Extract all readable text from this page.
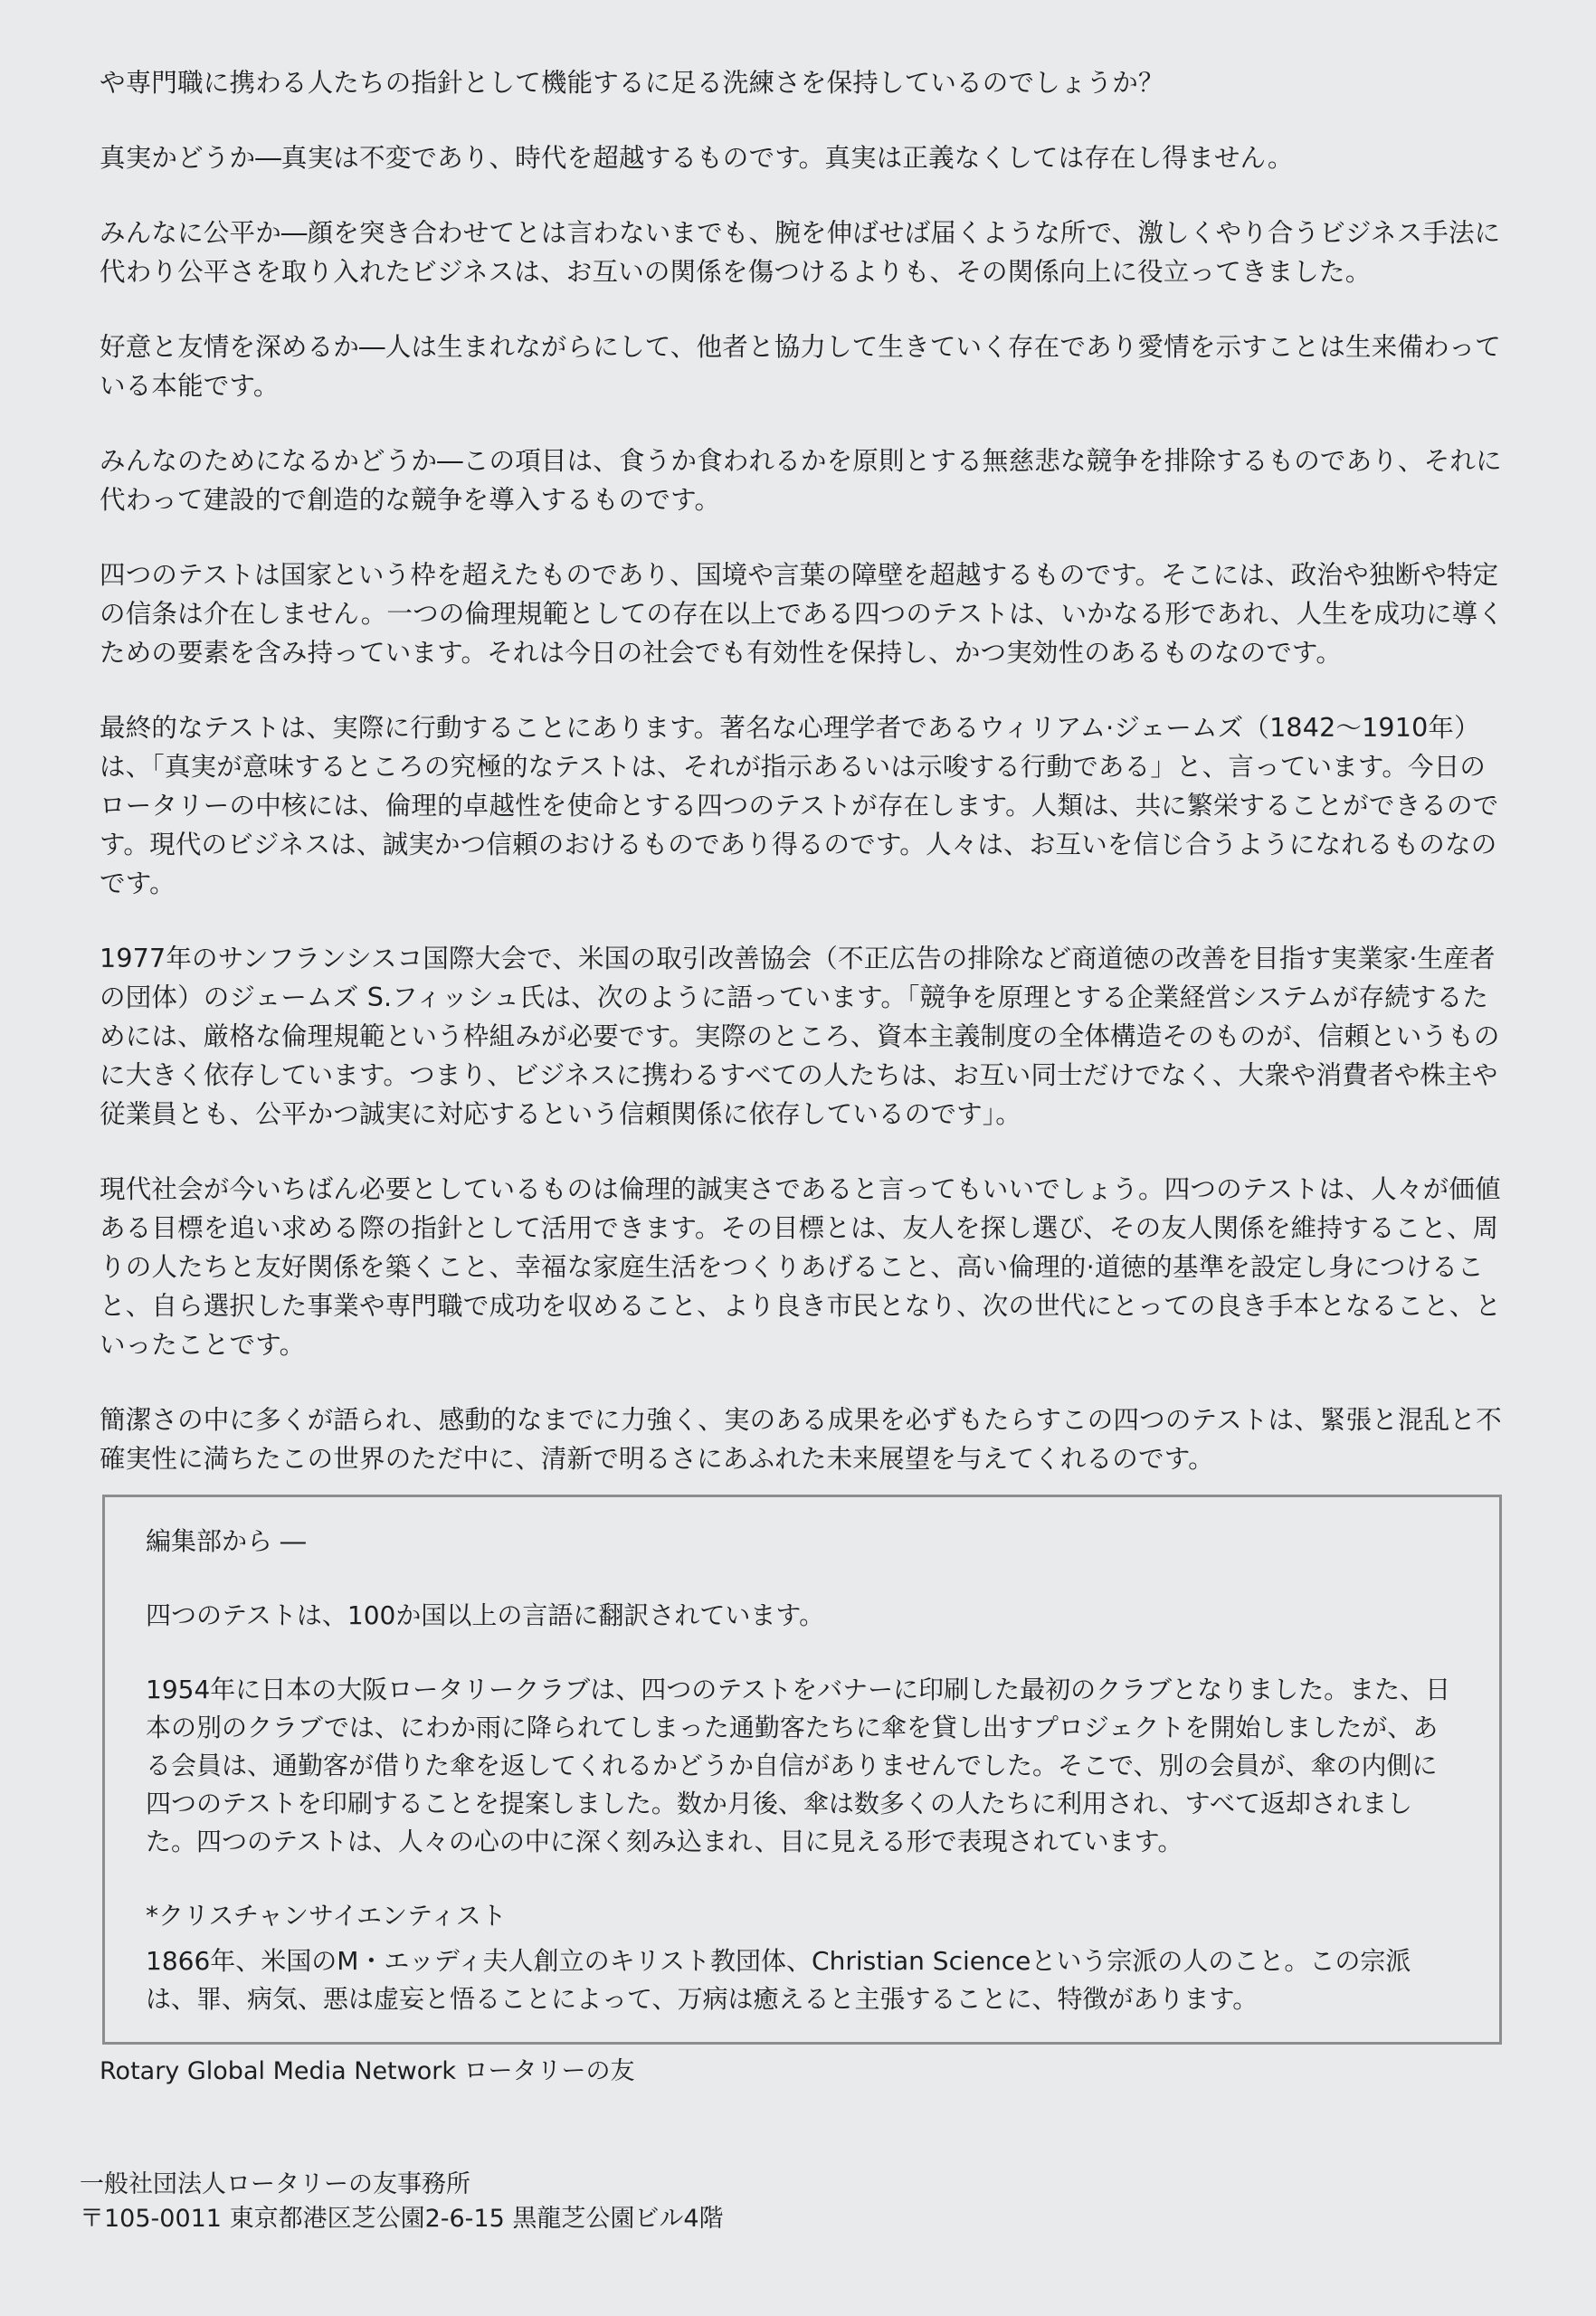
や専門職に携わる人たちの指針として機能するに足る洗練さを保持しているのでしょうか？

真実かどうか―真実は不変であり、時代を超越するものです。真実は正義なくしては存在し得ません。

みんなに公平か―顔を突き合わせてとは言わないまでも、腕を伸ばせば届くような所で、激しくやり合うビジネス手法に代わり公平さを取り入れたビジネスは、お互いの関係を傷つけるよりも、その関係向上に役立ってきました。

好意と友情を深めるか―人は生まれながらにして、他者と協力して生きていく存在であり愛情を示すことは生来備わっている本能です。

みんなのためになるかどうか―この項目は、食うか食われるかを原則とする無慈悲な競争を排除するものであり、それに代わって建設的で創造的な競争を導入するものです。

四つのテストは国家という枠を超えたものであり、国境や言葉の障壁を超越するものです。そこには、政治や独断や特定の信条は介在しません。一つの倫理規範としての存在以上である四つのテストは、いかなる形であれ、人生を成功に導くための要素を含み持っています。それは今日の社会でも有効性を保持し、かつ実効性のあるものなのです。

最終的なテストは、実際に行動することにあります。著名な心理学者であるウィリアム·ジェームズ（1842～1910年）は、「真実が意味するところの究極的なテストは、それが指示あるいは示唆する行動である」と、言っています。今日のロータリーの中核には、倫理的卓越性を使命とする四つのテストが存在します。人類は、共に繁栄することができるのです。現代のビジネスは、誠実かつ信頼のおけるものであり得るのです。人々は、お互いを信じ合うようになれるものなのです。

1977年のサンフランシスコ国際大会で、米国の取引改善協会（不正広告の排除など商道徳の改善を目指す実業家·生産者の団体）のジェームズ S.フィッシュ氏は、次のように語っています。「競争を原理とする企業経営システムが存続するためには、厳格な倫理規範という枠組みが必要です。実際のところ、資本主義制度の全体構造そのものが、信頼というものに大きく依存しています。つまり、ビジネスに携わるすべての人たちは、お互い同士だけでなく、大衆や消費者や株主や従業員とも、公平かつ誠実に対応するという信頼関係に依存しているのです」。

現代社会が今いちばん必要としているものは倫理的誠実さであると言ってもいいでしょう。四つのテストは、人々が価値ある目標を追い求める際の指針として活用できます。その目標とは、友人を探し選び、その友人関係を維持すること、周りの人たちと友好関係を築くこと、幸福な家庭生活をつくりあげること、高い倫理的·道徳的基準を設定し身につけること、自ら選択した事業や専門職で成功を収めること、より良き市民となり、次の世代にとっての良き手本となること、といったことです。

簡潔さの中に多くが語られ、感動的なまでに力強く、実のある成果を必ずもたらすこの四つのテストは、緊張と混乱と不確実性に満ちたこの世界のただ中に、清新で明るさにあふれた未来展望を与えてくれるのです。

編集部から ―

四つのテストは、100か国以上の言語に翻訳されています。

1954年に日本の大阪ロータリークラブは、四つのテストをバナーに印刷した最初のクラブとなりました。また、日本の別のクラブでは、にわか雨に降られてしまった通勤客たちに傘を貸し出すプロジェクトを開始しましたが、ある会員は、通勤客が借りた傘を返してくれるかどうか自信がありませんでした。そこで、別の会員が、傘の内側に四つのテストを印刷することを提案しました。数か月後、傘は数多くの人たちに利用され、すべて返却されました。四つのテストは、人々の心の中に深く刻み込まれ、目に見える形で表現されています。

*クリスチャンサイエンティスト

1866年、米国のM・エッディ夫人創立のキリスト教団体、Christian Scienceという宗派の人のこと。この宗派は、罪、病気、悪は虚妄と悟ることによって、万病は癒えると主張することに、特徴があります。

Rotary Global Media Network ロータリーの友
一般社団法人ロータリーの友事務所
〒105-0011 東京都港区芝公園2-6-15 黒龍芝公園ビル4階
